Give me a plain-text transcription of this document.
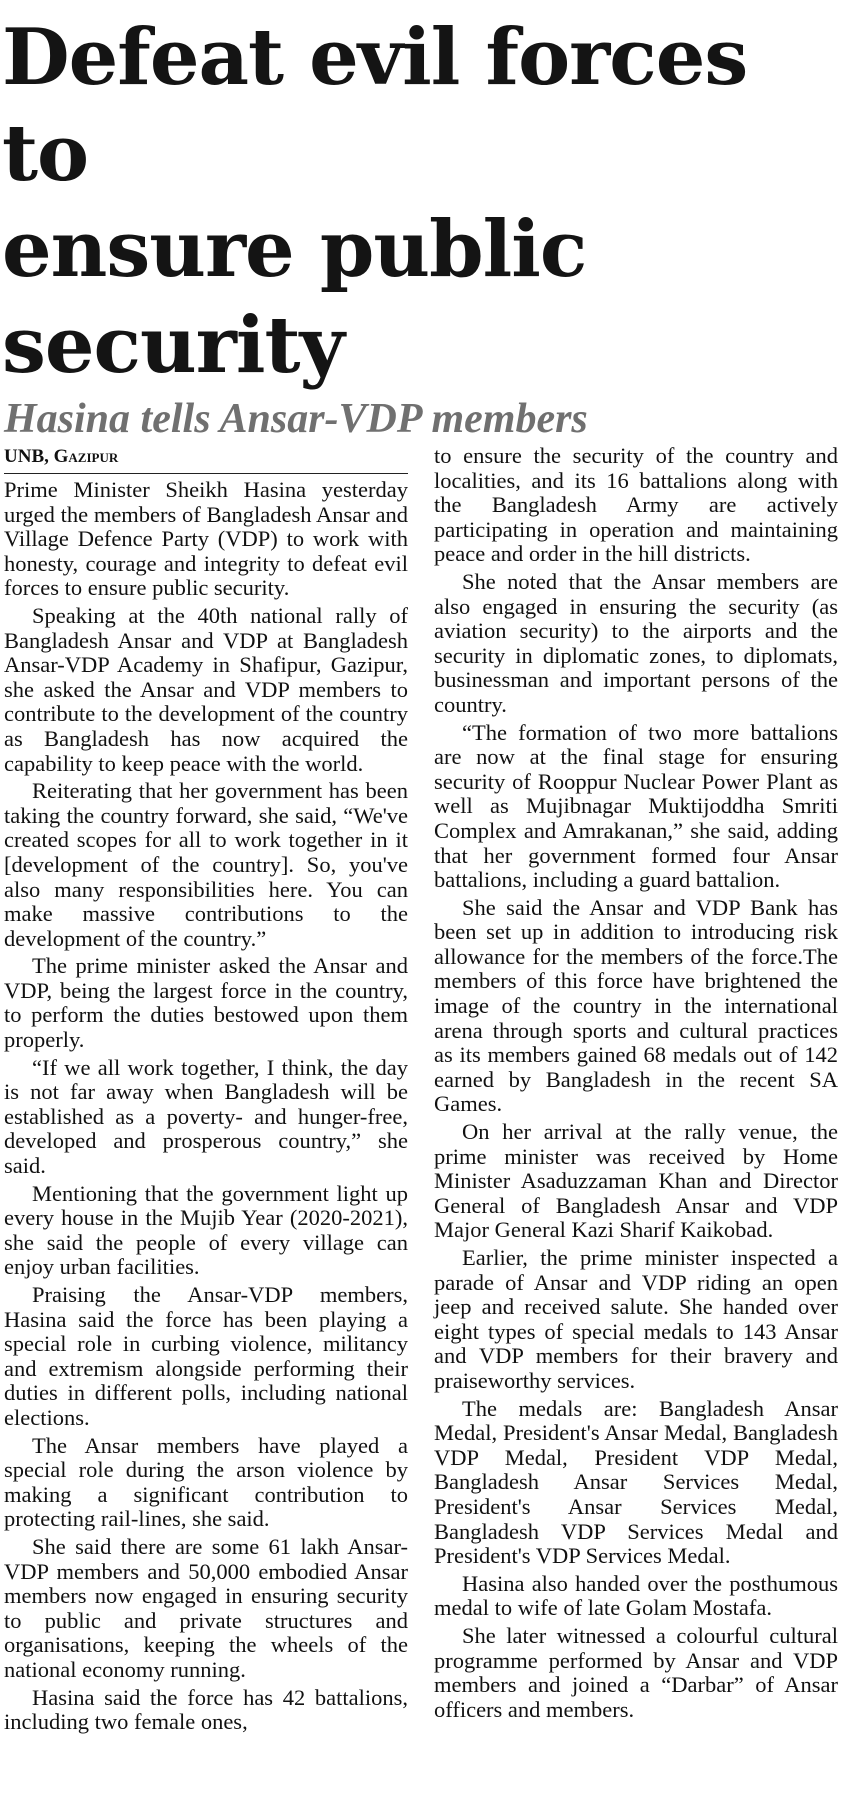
Defeat evil forces to
ensure public security
Hasina tells Ansar-VDP members
UNB, Gazipur

Prime Minister Sheikh Hasina yesterday urged the members of Bangladesh Ansar and Village Defence Party (VDP) to work with honesty, courage and integrity to defeat evil forces to ensure public security.

Speaking at the 40th national rally of Bangladesh Ansar and VDP at Bangladesh Ansar-VDP Academy in Shafipur, Gazipur, she asked the Ansar and VDP members to contribute to the development of the country as Bangladesh has now acquired the capability to keep peace with the world.

Reiterating that her government has been taking the country forward, she said, “We've created scopes for all to work together in it [development of the country]. So, you've also many responsibilities here. You can make massive contributions to the development of the country.”

The prime minister asked the Ansar and VDP, being the largest force in the country, to perform the duties bestowed upon them properly.

“If we all work together, I think, the day is not far away when Bangladesh will be established as a poverty- and hunger-free, developed and prosperous country,” she said.

Mentioning that the government light up every house in the Mujib Year (2020-2021), she said the people of every village can enjoy urban facilities.

Praising the Ansar-VDP members, Hasina said the force has been playing a special role in curbing violence, militancy and extremism alongside performing their duties in different polls, including national elections.

The Ansar members have played a special role during the arson violence by making a significant contribution to protecting rail-lines, she said.

She said there are some 61 lakh Ansar-VDP members and 50,000 embodied Ansar members now engaged in ensuring security to public and private structures and organisations, keeping the wheels of the national economy running.

Hasina said the force has 42 battalions, including two female ones,

to ensure the security of the country and localities, and its 16 battalions along with the Bangladesh Army are actively participating in operation and maintaining peace and order in the hill districts.

She noted that the Ansar members are also engaged in ensuring the security (as aviation security) to the airports and the security in diplomatic zones, to diplomats, businessman and important persons of the country.

“The formation of two more battalions are now at the final stage for ensuring security of Rooppur Nuclear Power Plant as well as Mujibnagar Muktijoddha Smriti Complex and Amrakanan,” she said, adding that her government formed four Ansar battalions, including a guard battalion.

She said the Ansar and VDP Bank has been set up in addition to introducing risk allowance for the members of the force.The members of this force have brightened the image of the country in the international arena through sports and cultural practices as its members gained 68 medals out of 142 earned by Bangladesh in the recent SA Games.

On her arrival at the rally venue, the prime minister was received by Home Minister Asaduzzaman Khan and Director General of Bangladesh Ansar and VDP Major General Kazi Sharif Kaikobad.

Earlier, the prime minister inspected a parade of Ansar and VDP riding an open jeep and received salute. She handed over eight types of special medals to 143 Ansar and VDP members for their bravery and praiseworthy services.

The medals are: Bangladesh Ansar Medal, President's Ansar Medal, Bangladesh VDP Medal, President VDP Medal, Bangladesh Ansar Services Medal, President's Ansar Services Medal, Bangladesh VDP Services Medal and President's VDP Services Medal.

Hasina also handed over the posthumous medal to wife of late Golam Mostafa.

She later witnessed a colourful cultural programme performed by Ansar and VDP members and joined a “Darbar” of Ansar officers and members.
